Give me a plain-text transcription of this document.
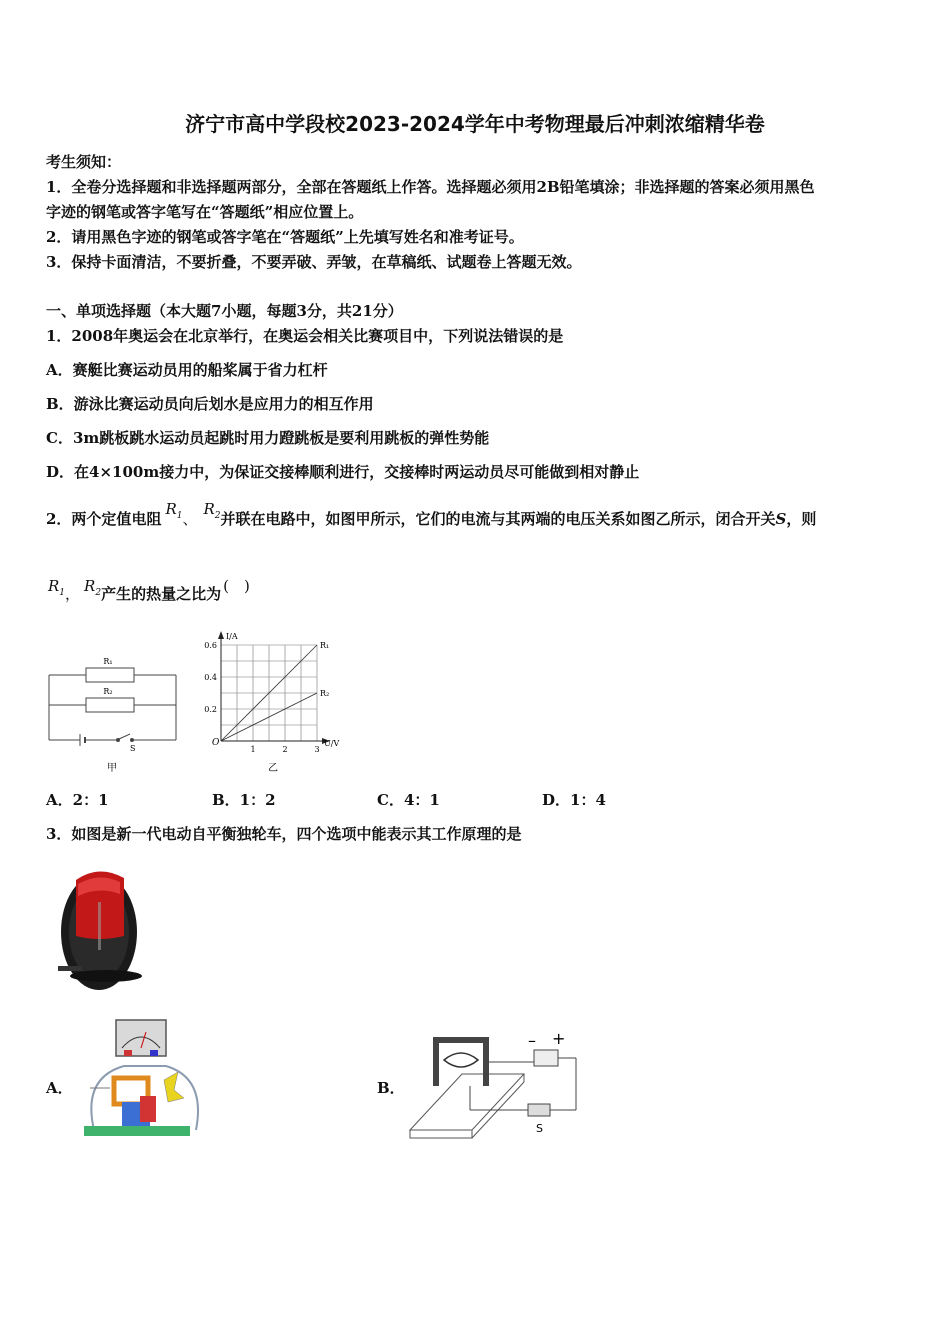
济宁市高中学段校2023-2024学年中考物理最后冲刺浓缩精华卷
考生须知：
1．全卷分选择题和非选择题两部分，全部在答题纸上作答。选择题必须用2B铅笔填涂；非选择题的答案必须用黑色
字迹的钢笔或答字笔写在“答题纸”相应位置上。
2．请用黑色字迹的钢笔或答字笔在“答题纸”上先填写姓名和准考证号。
3．保持卡面清洁，不要折叠，不要弄破、弄皱，在草稿纸、试题卷上答题无效。
一、单项选择题（本大题7小题，每题3分，共21分）
1．2008年奥运会在北京举行，在奥运会相关比赛项目中，下列说法错误的是
A．赛艇比赛运动员用的船桨属于省力杠杆
B．游泳比赛运动员向后划水是应用力的相互作用
C．3m跳板跳水运动员起跳时用力蹬跳板是要利用跳板的弹性势能
D．在4×100m接力中，为保证交接棒顺利进行，交接棒时两运动员尽可能做到相对静止
2．两个定值电阻$R_1$、$R_2$并联在电路中，如图甲所示，它们的电流与其两端的电压关系如图乙所示，闭合开关S，则
$R_1$， $R_2$产生的热量之比为 (　)
R₁
R₂
S
甲
R₁
R₂
0.6
0.4
0.2
1	2	3
I/A
U/V
O
乙
A．2：1	B．1：2	C．4：1	D．1：4
3．如图是新一代电动自平衡独轮车，四个选项中能表示其工作原理的是
A．	B．
– +
S
